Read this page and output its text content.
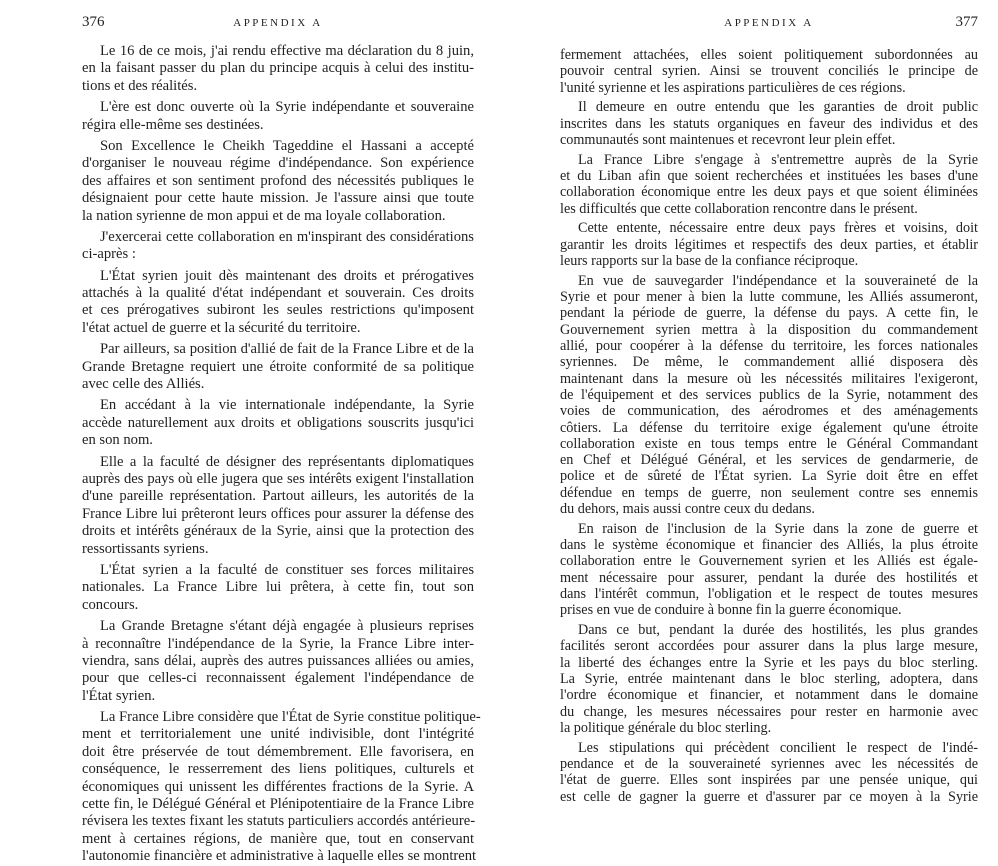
376	APPENDIX A
Le 16 de ce mois, j'ai rendu effective ma déclaration du 8 juin,
en la faisant passer du plan du principe acquis à celui des institu-
tions et des réalités.
L'ère est donc ouverte où la Syrie indépendante et souveraine
régira elle-même ses destinées.
Son Excellence le Cheikh Tageddine el Hassani a accepté
d'organiser le nouveau régime d'indépendance. Son expérience
des affaires et son sentiment profond des nécessités publiques le
désignaient pour cette haute mission. Je l'assure ainsi que toute
la nation syrienne de mon appui et de ma loyale collaboration.
J'exercerai cette collaboration en m'inspirant des considérations
ci-après :
L'État syrien jouit dès maintenant des droits et prérogatives
attachés à la qualité d'état indépendant et souverain. Ces droits
et ces prérogatives subiront les seules restrictions qu'imposent
l'état actuel de guerre et la sécurité du territoire.
Par ailleurs, sa position d'allié de fait de la France Libre et de la
Grande Bretagne requiert une étroite conformité de sa politique
avec celle des Alliés.
En accédant à la vie internationale indépendante, la Syrie
accède naturellement aux droits et obligations souscrits jusqu'ici
en son nom.
Elle a la faculté de désigner des représentants diplomatiques
auprès des pays où elle jugera que ses intérêts exigent l'installation
d'une pareille représentation. Partout ailleurs, les autorités de la
France Libre lui prêteront leurs offices pour assurer la défense des
droits et intérêts généraux de la Syrie, ainsi que la protection des
ressortissants syriens.
L'État syrien a la faculté de constituer ses forces militaires
nationales. La France Libre lui prêtera, à cette fin, tout son
concours.
La Grande Bretagne s'étant déjà engagée à plusieurs reprises
à reconnaître l'indépendance de la Syrie, la France Libre inter-
viendra, sans délai, auprès des autres puissances alliées ou amies,
pour que celles-ci reconnaissent également l'indépendance de
l'État syrien.
La France Libre considère que l'État de Syrie constitue politique-
ment et territorialement une unité indivisible, dont l'intégrité
doit être préservée de tout démembrement. Elle favorisera, en
conséquence, le resserrement des liens politiques, culturels et
économiques qui unissent les différentes fractions de la Syrie. A
cette fin, le Délégué Général et Plénipotentiaire de la France Libre
révisera les textes fixant les statuts particuliers accordés antérieure-
ment à certaines régions, de manière que, tout en conservant
l'autonomie financière et administrative à laquelle elles se montrent
APPENDIX A	377
fermement attachées, elles soient politiquement subordonnées au
pouvoir central syrien. Ainsi se trouvent conciliés le principe de
l'unité syrienne et les aspirations particulières de ces régions.
Il demeure en outre entendu que les garanties de droit public
inscrites dans les statuts organiques en faveur des individus et des
communautés sont maintenues et recevront leur plein effet.
La France Libre s'engage à s'entremettre auprès de la Syrie
et du Liban afin que soient recherchées et instituées les bases d'une
collaboration économique entre les deux pays et que soient éliminées
les difficultés que cette collaboration rencontre dans le présent.
Cette entente, nécessaire entre deux pays frères et voisins, doit
garantir les droits légitimes et respectifs des deux parties, et établir
leurs rapports sur la base de la confiance réciproque.
En vue de sauvegarder l'indépendance et la souveraineté de la
Syrie et pour mener à bien la lutte commune, les Alliés assumeront,
pendant la période de guerre, la défense du pays. A cette fin, le
Gouvernement syrien mettra à la disposition du commandement
allié, pour coopérer à la défense du territoire, les forces nationales
syriennes. De même, le commandement allié disposera dès
maintenant dans la mesure où les nécessités militaires l'exigeront,
de l'équipement et des services publics de la Syrie, notamment des
voies de communication, des aérodromes et des aménagements
côtiers. La défense du territoire exige également qu'une étroite
collaboration existe en tous temps entre le Général Commandant
en Chef et Délégué Général, et les services de gendarmerie, de
police et de sûreté de l'État syrien. La Syrie doit être en effet
défendue en temps de guerre, non seulement contre ses ennemis
du dehors, mais aussi contre ceux du dedans.
En raison de l'inclusion de la Syrie dans la zone de guerre et
dans le système économique et financier des Alliés, la plus étroite
collaboration entre le Gouvernement syrien et les Alliés est égale-
ment nécessaire pour assurer, pendant la durée des hostilités et
dans l'intérêt commun, l'obligation et le respect de toutes mesures
prises en vue de conduire à bonne fin la guerre économique.
Dans ce but, pendant la durée des hostilités, les plus grandes
facilités seront accordées pour assurer dans la plus large mesure,
la liberté des échanges entre la Syrie et les pays du bloc sterling.
La Syrie, entrée maintenant dans le bloc sterling, adoptera, dans
l'ordre économique et financier, et notamment dans le domaine
du change, les mesures nécessaires pour rester en harmonie avec
la politique générale du bloc sterling.
Les stipulations qui précèdent concilient le respect de l'indé-
pendance et de la souveraineté syriennes avec les nécessités de
l'état de guerre. Elles sont inspirées par une pensée unique, qui
est celle de gagner la guerre et d'assurer par ce moyen à la Syrie
